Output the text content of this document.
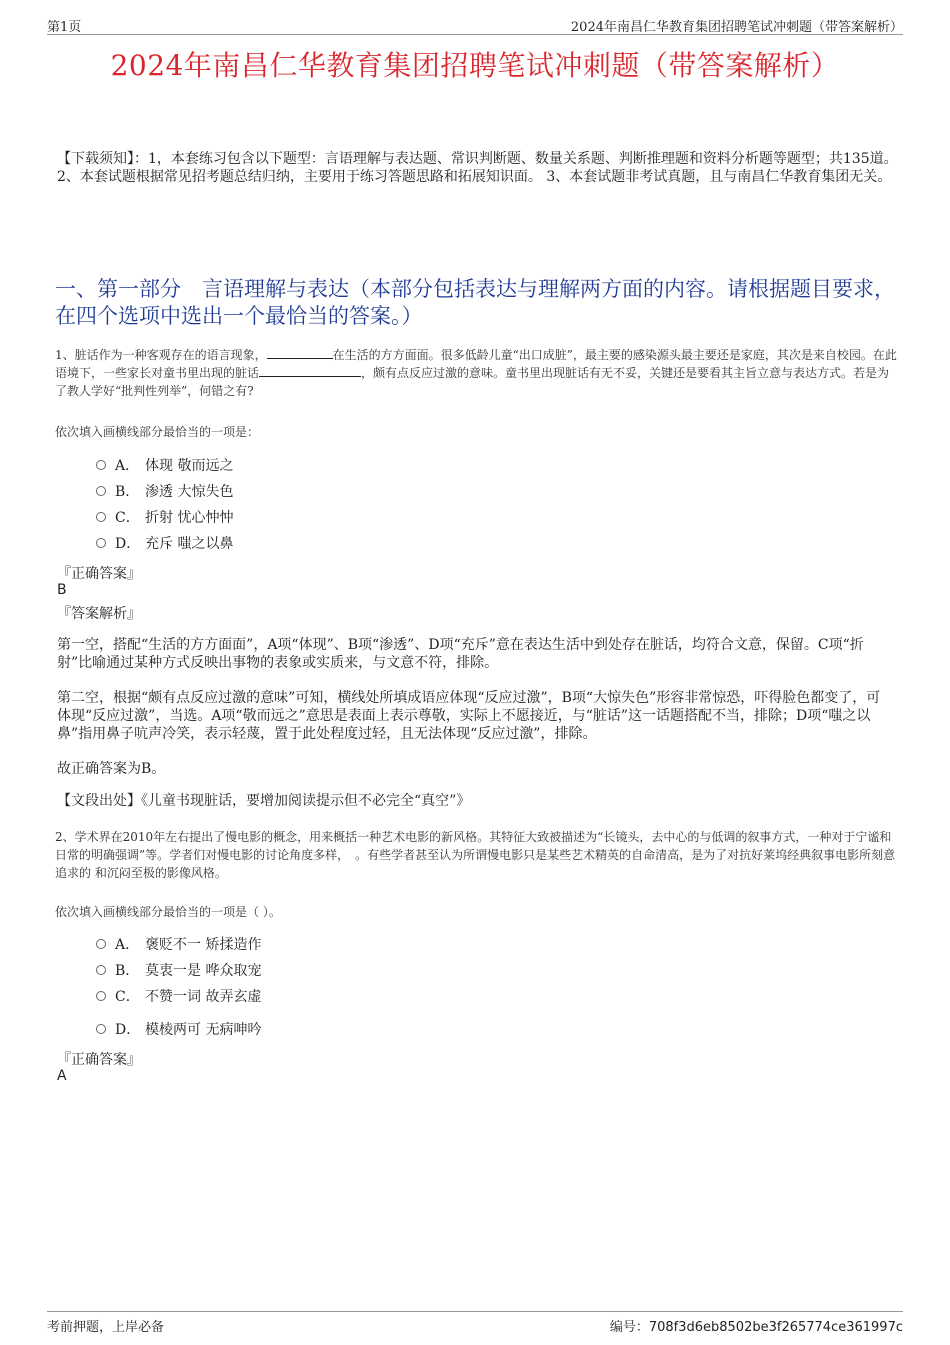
第1页	2024年南昌仁华教育集团招聘笔试冲刺题（带答案解析）
2024年南昌仁华教育集团招聘笔试冲刺题（带答案解析）
【下载须知】：1，本套练习包含以下题型：言语理解与表达题、常识判断题、数量关系题、判断推理题和资料分析题等题型；共135道。 2、本套试题根据常见招考题总结归纳，主要用于练习答题思路和拓展知识面。 3、本套试题非考试真题，且与南昌仁华教育集团无关。
一、第一部分　言语理解与表达（本部分包括表达与理解两方面的内容。请根据题目要求，在四个选项中选出一个最恰当的答案。）
1、脏话作为一种客观存在的语言现象，	在生活的方方面面。很多低龄儿童“出口成脏”，最主要的感染源头最主要还是家庭，其次是来自校园。在此语境下，一些家长对童书里出现的脏话	，颇有点反应过激的意味。童书里出现脏话有无不妥，关键还是要看其主旨立意与表达方式。若是为了教人学好“批判性列举”，何错之有?
依次填入画横线部分最恰当的一项是：
A． 体现 敬而远之
B． 渗透 大惊失色
C． 折射 忧心忡忡
D． 充斥 嗤之以鼻
『正确答案』
B
『答案解析』
第一空，搭配“生活的方方面面”，A项“体现”、B项“渗透”、D项“充斥”意在表达生活中到处存在脏话，均符合文意，保留。C项“折射”比喻通过某种方式反映出事物的表象或实质来，与文意不符，排除。
第二空，根据“颇有点反应过激的意味”可知，横线处所填成语应体现“反应过激”，B项“大惊失色”形容非常惊恐，吓得脸色都变了，可体现“反应过激”，当选。A项“敬而远之”意思是表面上表示尊敬，实际上不愿接近，与“脏话”这一话题搭配不当，排除；D项“嗤之以鼻”指用鼻子吭声冷笑，表示轻蔑，置于此处程度过轻，且无法体现“反应过激”，排除。
故正确答案为B。
【文段出处】《儿童书现脏话，要增加阅读提示但不必完全“真空”》
2、学术界在2010年左右提出了慢电影的概念，用来概括一种艺术电影的新风格。其特征大致被描述为“长镜头，去中心的与低调的叙事方式，一种对于宁谧和日常的明确强调”等。学者们对慢电影的讨论角度多样，　。有些学者甚至认为所谓慢电影只是某些艺术精英的自命清高，是为了对抗好莱坞经典叙事电影所刻意追求的 和沉闷至极的影像风格。
依次填入画横线部分最恰当的一项是（ ）。
A． 褒贬不一 矫揉造作
B． 莫衷一是 哗众取宠
C． 不赞一词 故弄玄虚
D． 模棱两可 无病呻吟
『正确答案』
A
考前押题，上岸必备	编号：708f3d6eb8502be3f265774ce361997c
